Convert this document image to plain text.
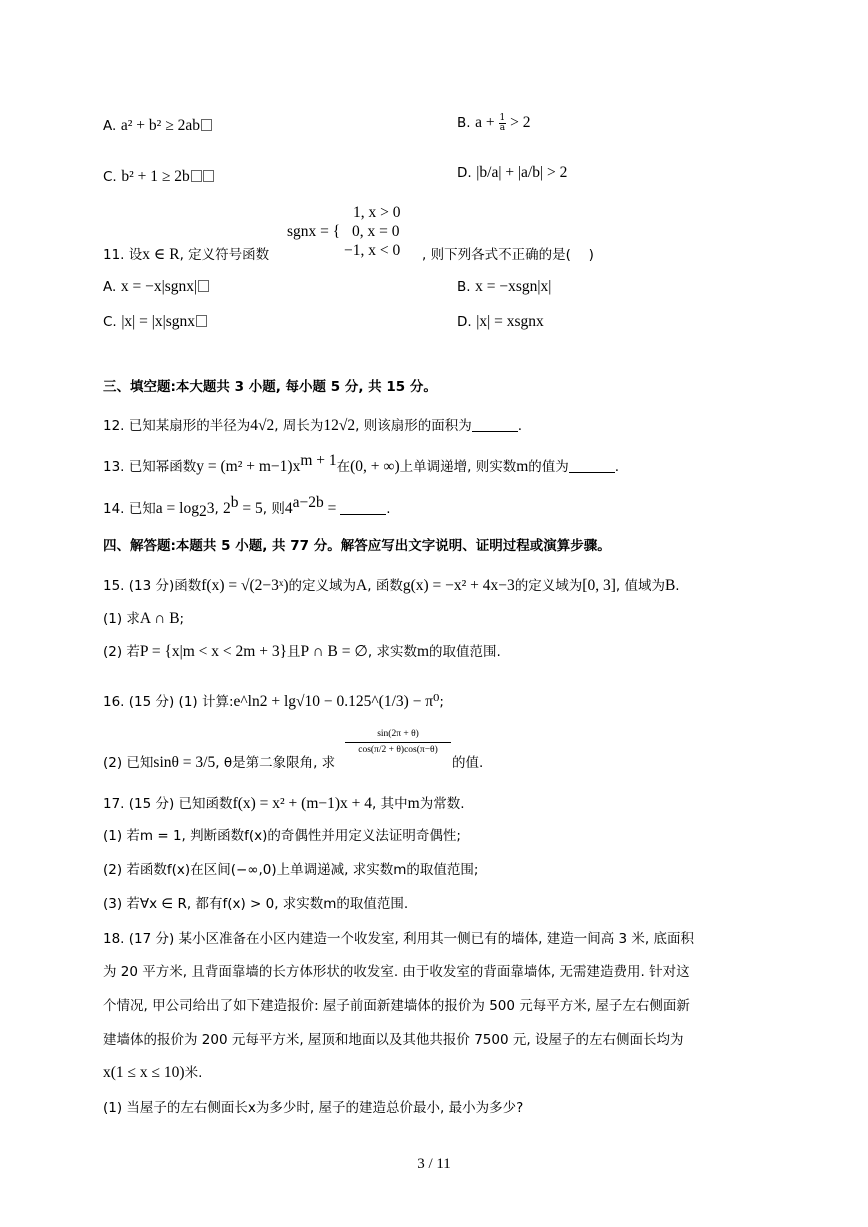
A. a² + b² ≥ 2ab	B. $a + \frac{1}{a} > 2$
C. b² + 1 ≥ 2b	D. |b/a| + |a/b| > 2
1, x > 0
sgnx = { 0, x = 0
−1, x < 0
11. 设x ∈ R, 定义符号函数	, 则下列各式不正确的是(　 )
A. x = −x|sgnx|	B. x = −xsgn|x|
C. |x| = |x|sgnx	D. |x| = xsgnx
三、填空题:本大题共 3 小题, 每小题 5 分, 共 15 分。
12. 已知某扇形的半径为4√2, 周长为12√2, 则该扇形的面积为	.
13. 已知幂函数$y = (m^2 + m-1)x^{m + 1}$在(0, + ∞)上单调递增, 则实数m的值为	.
14. 已知$a = \log_23$, $2^b = 5$, 则$4^{a-2b}$ =	.
四、解答题:本题共 5 小题, 共 77 分。解答应写出文字说明、证明过程或演算步骤。
15. (13 分)函数f(x) = √(2−3ˣ)的定义域为A, 函数g(x) = −x² + 4x−3的定义域为[0, 3], 值域为B.
(1) 求A ∩ B;
(2) 若P = {x|m < x < 2m + 3}且P ∩ B = ∅, 求实数m的取值范围.
16. (15 分) (1) 计算:e^ln2 + lg√10 − 0.125^(1/3) − π⁰;
$\frac{\sin(2\pi + \theta)}{\cos(\pi/2 + \theta)\cos(\pi-\theta)}$
(2) 已知sinθ = 3/5, θ是第二象限角, 求	的值.
17. (15 分) 已知函数f(x) = x² + (m−1)x + 4, 其中m为常数.
(1) 若m = 1, 判断函数f(x)的奇偶性并用定义法证明奇偶性;
(2) 若函数f(x)在区间(−∞,0)上单调递减, 求实数m的取值范围;
(3) 若∀x ∈ R, 都有f(x) > 0, 求实数m的取值范围.
18. (17 分) 某小区准备在小区内建造一个收发室, 利用其一侧已有的墙体, 建造一间高 3 米, 底面积
为 20 平方米, 且背面靠墙的长方体形状的收发室. 由于收发室的背面靠墙体, 无需建造费用. 针对这
个情况, 甲公司给出了如下建造报价: 屋子前面新建墙体的报价为 500 元每平方米, 屋子左右侧面新
建墙体的报价为 200 元每平方米, 屋顶和地面以及其他共报价 7500 元, 设屋子的左右侧面长均为
x(1 ≤ x ≤ 10)米.
(1) 当屋子的左右侧面长x为多少时, 屋子的建造总价最小, 最小为多少?
3 / 11
